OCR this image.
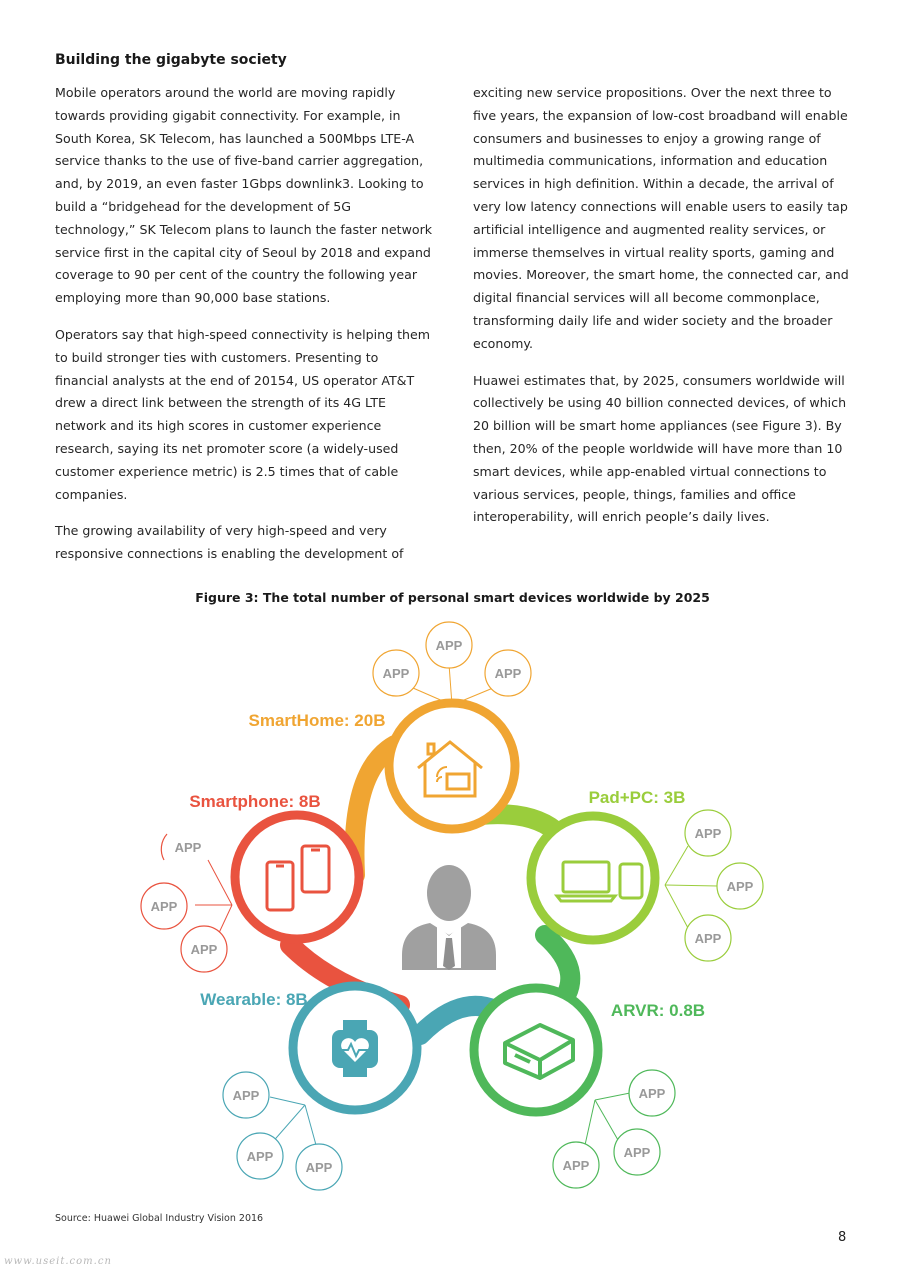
Building the gigabyte society

Mobile operators around the world are moving rapidly towards providing gigabit connectivity. For example, in South Korea, SK Telecom, has launched a 500Mbps LTE-A service thanks to the use of five-band carrier aggregation, and, by 2019, an even faster 1Gbps downlink3. Looking to build a “bridgehead for the development of 5G technology,” SK Telecom plans to launch the faster network service first in the capital city of Seoul by 2018 and expand coverage to 90 per cent of the country the following year employing more than 90,000 base stations.

Operators say that high-speed connectivity is helping them to build stronger ties with customers. Presenting to financial analysts at the end of 20154, US operator AT&T drew a direct link between the strength of its 4G LTE network and its high scores in customer experience research, saying its net promoter score (a widely-used customer experience metric) is 2.5 times that of cable companies.

The growing availability of very high-speed and very responsive connections is enabling the development of

exciting new service propositions. Over the next three to five years, the expansion of low-cost broadband will enable consumers and businesses to enjoy a growing range of multimedia communications, information and education services in high definition. Within a decade, the arrival of very low latency connections will enable users to easily tap artificial intelligence and augmented reality services, or immerse themselves in virtual reality sports, gaming and movies. Moreover, the smart home, the connected car, and digital financial services will all become commonplace, transforming daily life and wider society and the broader economy.

Huawei estimates that, by 2025, consumers worldwide will collectively be using 40 billion connected devices, of which 20 billion will be smart home appliances (see Figure 3). By then, 20% of the people worldwide will have more than 10 smart devices, while app-enabled virtual connections to various services, people, things, families and office interoperability, will enrich people’s daily lives.

Figure 3: The total number of personal smart devices worldwide by 2025
SmartHome: 20B
Pad+PC: 3B
ARVR: 0.8B
Wearable: 8B
Smartphone: 8B
APP
APP	APP
APP
APP
APP
APP
APP
APP
APP
APP
APP
APP
APP
APP
Source: Huawei Global Industry Vision 2016
8
www.useit.com.cn
